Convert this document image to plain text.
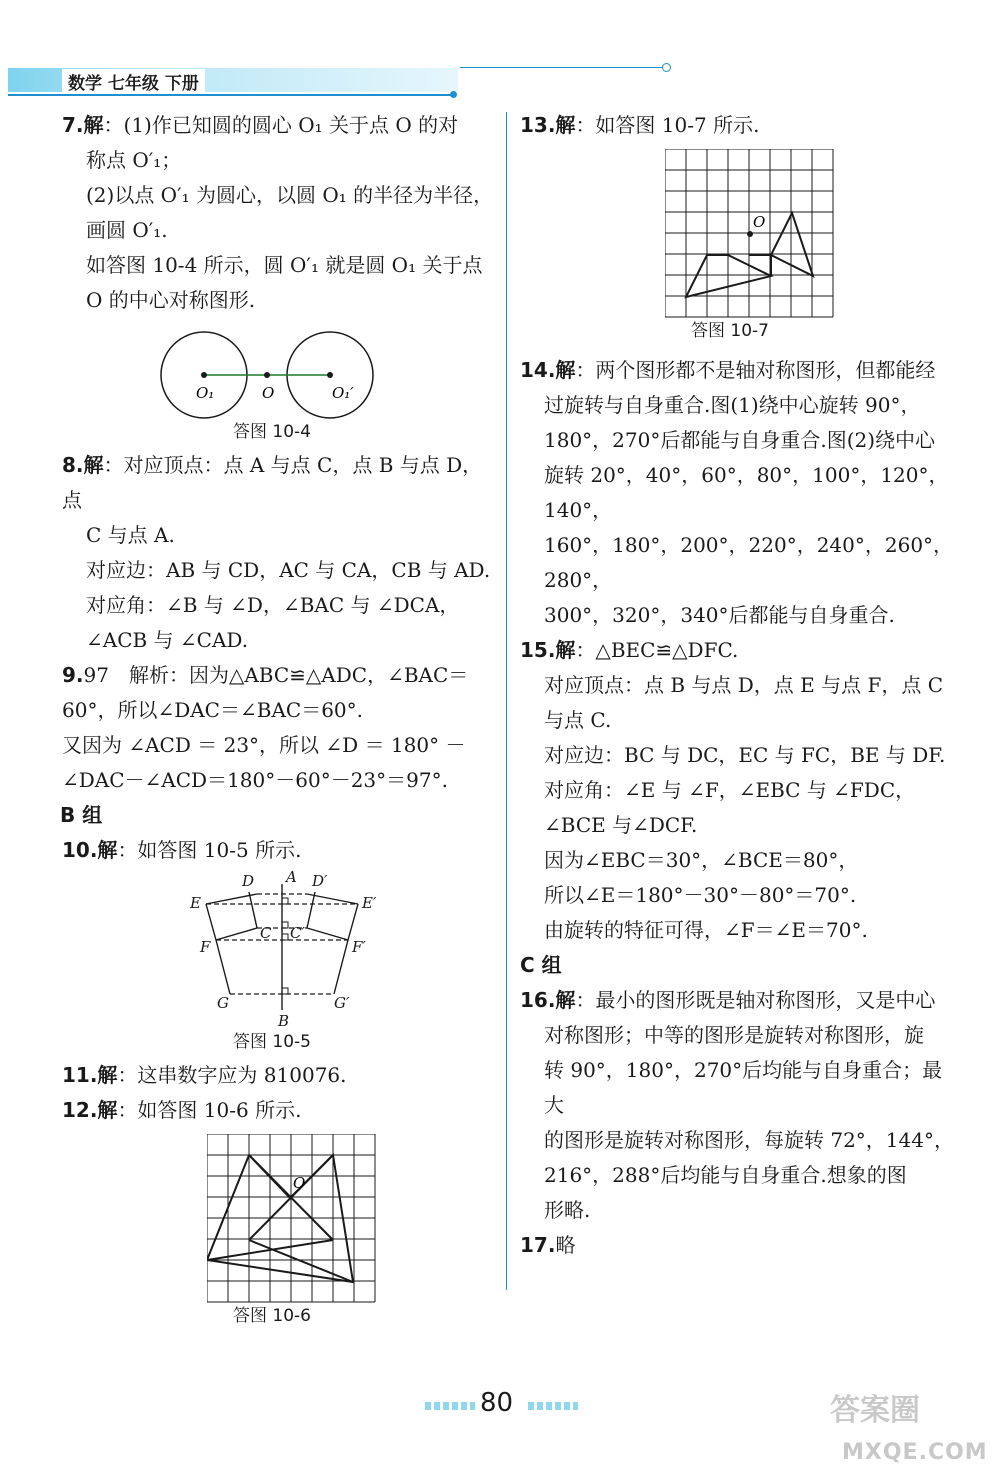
数学 七年级 下册

7.解：(1)作已知圆的圆心 O₁ 关于点 O 的对

称点 O′₁；

(2)以点 O′₁ 为圆心，以圆 O₁ 的半径为半径，

画圆 O′₁.

如答图 10-4 所示，圆 O′₁ 就是圆 O₁ 关于点

O 的中心对称图形.

O₁	O	O₁′

答图 10-4

8.解：对应顶点：点 A 与点 C，点 B 与点 D，点

C 与点 A.

对应边：AB 与 CD，AC 与 CA，CB 与 AD.

对应角：∠B 与 ∠D，∠BAC 与 ∠DCA，

∠ACB 与 ∠CAD.

9.97　解析：因为△ABC≌△ADC，∠BAC＝

60°，所以∠DAC＝∠BAC＝60°.

又因为 ∠ACD ＝ 23°，所以 ∠D ＝ 180° －

∠DAC－∠ACD＝180°－60°－23°＝97°.

B 组

10.解：如答图 10-5 所示.

D A D′
E	E′
C C′
F	F′
G	G′
B

答图 10-5

11.解：这串数字应为 810076.

12.解：如答图 10-6 所示.

O

答图 10-6

13.解：如答图 10-7 所示.

O

答图 10-7

14.解：两个图形都不是轴对称图形，但都能经

过旋转与自身重合.图(1)绕中心旋转 90°，

180°，270°后都能与自身重合.图(2)绕中心

旋转 20°，40°，60°，80°，100°，120°，140°，

160°，180°，200°，220°，240°，260°，280°，

300°，320°，340°后都能与自身重合.

15.解：△BEC≌△DFC.

对应顶点：点 B 与点 D，点 E 与点 F，点 C

与点 C.

对应边：BC 与 DC，EC 与 FC，BE 与 DF.

对应角：∠E 与 ∠F，∠EBC 与 ∠FDC，

∠BCE 与∠DCF.

因为∠EBC＝30°，∠BCE＝80°，

所以∠E＝180°－30°－80°＝70°.

由旋转的特征可得，∠F＝∠E＝70°.

C 组

16.解：最小的图形既是轴对称图形，又是中心

对称图形；中等的图形是旋转对称图形，旋

转 90°，180°，270°后均能与自身重合；最大

的图形是旋转对称图形，每旋转 72°，144°，

216°，288°后均能与自身重合.想象的图

形略.

17.略

80	答案圈
MXQE.COM
